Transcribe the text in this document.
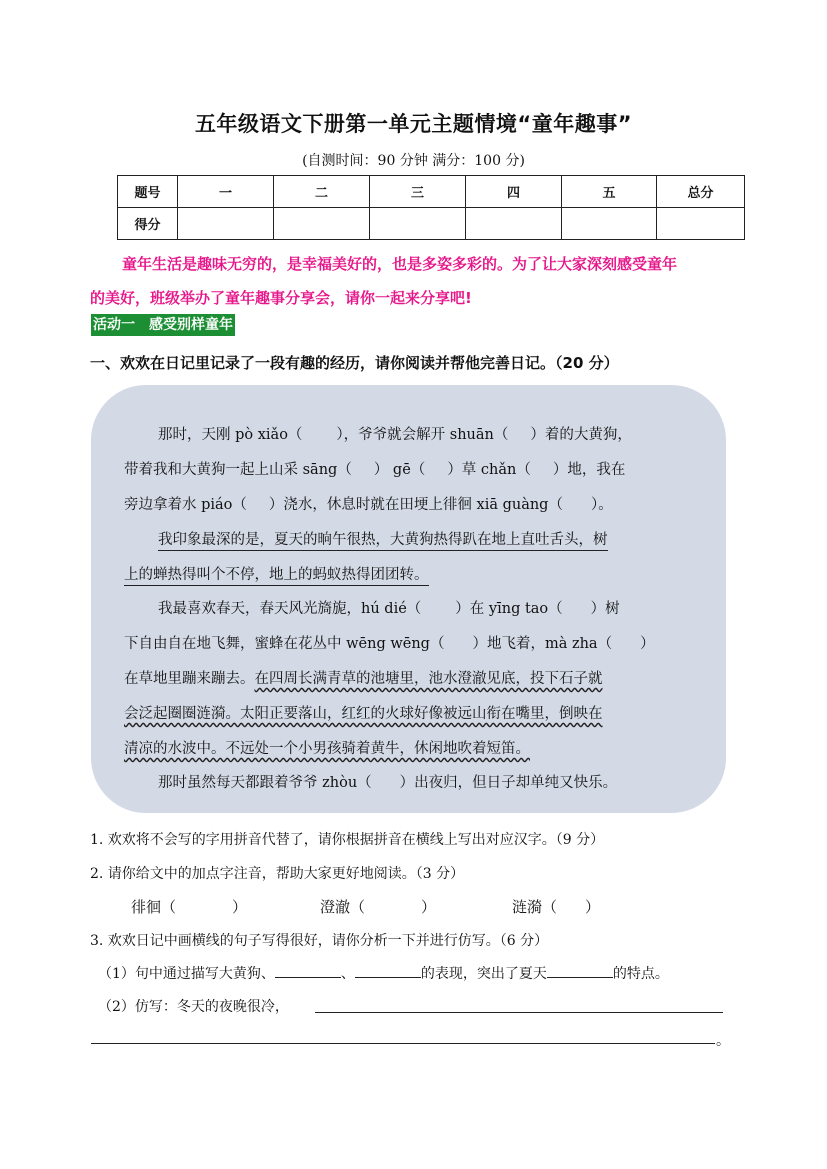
五年级语文下册第一单元主题情境“童年趣事”
(自测时间：90 分钟 满分：100 分)
题号	一	二	三	四	五	总分
得分						
童年生活是趣味无穷的，是幸福美好的，也是多姿多彩的。为了让大家深刻感受童年
的美好，班级举办了童年趣事分享会，请你一起来分享吧!
活动一　感受别样童年
一、欢欢在日记里记录了一段有趣的经历，请你阅读并帮他完善日记。（20 分）
那时，天刚 pò xiǎo（ ），爷爷就会解开 shuān（ ）着的大黄狗，
带着我和大黄狗一起上山采 sāng（ ） gē（ ）草 chǎn（ ）地，我在
旁边拿着水 piáo（ ）浇水，休息时就在田埂上徘徊 xiā guàng（ ）。
我印象最深的是，夏天的晌午很热，大黄狗热得趴在地上直吐舌头，树
上的蝉热得叫个不停，地上的蚂蚁热得团团转。
我最喜欢春天，春天风光旖旎，hú dié（ ）在 yīng tao（ ）树
下自由自在地飞舞，蜜蜂在花丛中 wēng wēng（ ）地飞着，mà zha（ ）
在草地里蹦来蹦去。在四周长满青草的池塘里，池水澄澈见底，投下石子就
会泛起圈圈涟漪。太阳正要落山，红红的火球好像被远山衔在嘴里，倒映在
清凉的水波中。不远处一个小男孩骑着黄牛，休闲地吹着短笛。
那时虽然每天都跟着爷爷 zhòu（ ）出夜归，但日子却单纯又快乐。
1. 欢欢将不会写的字用拼音代替了，请你根据拼音在横线上写出对应汉字。（9 分）
2. 请你给文中的加点字注音，帮助大家更好地阅读。（3 分）
徘徊（	）	澄澈（	）	涟漪（ ）
3. 欢欢日记中画横线的句子写得很好，请你分析一下并进行仿写。（6 分）
（1）句中通过描写大黄狗、	、	的表现，突出了夏天	的特点。
（2）仿写：冬天的夜晚很冷，
。
